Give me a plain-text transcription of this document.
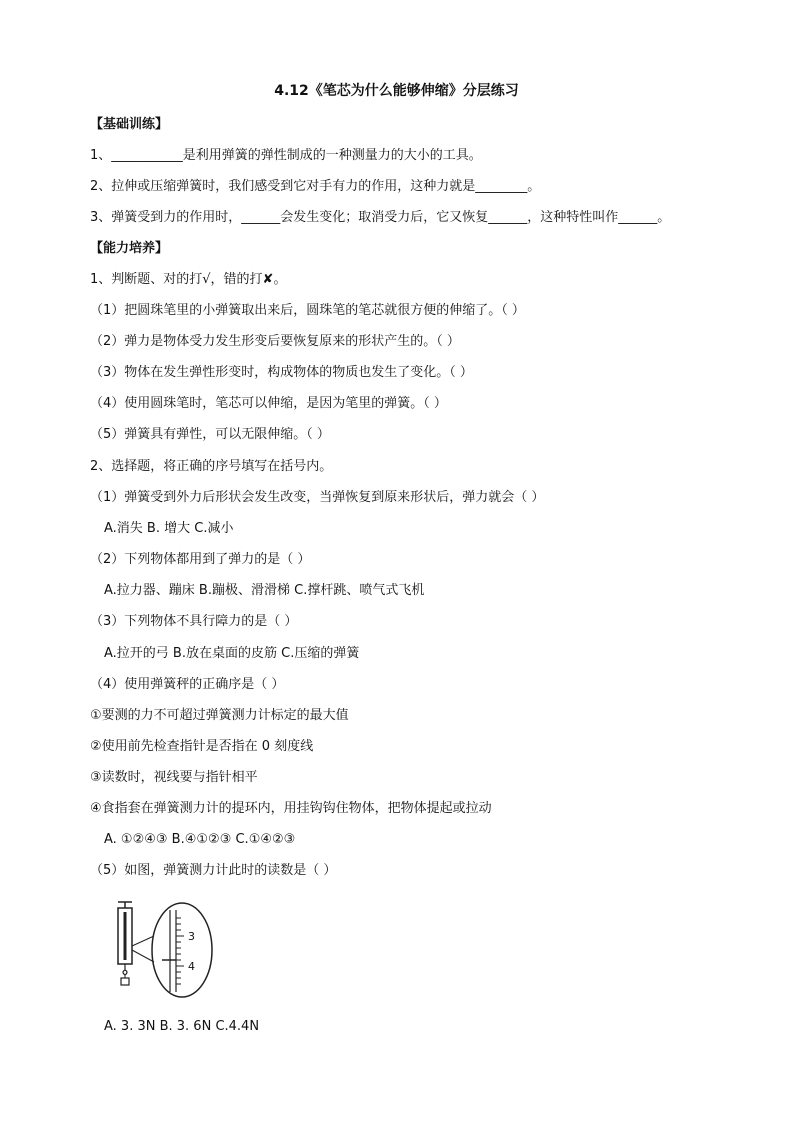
4.12《笔芯为什么能够伸缩》分层练习
【基础训练】
1、___________是利用弹簧的弹性制成的一种测量力的大小的工具。
2、拉伸或压缩弹簧时，我们感受到它对手有力的作用，这种力就是________。
3、弹簧受到力的作用时，______会发生变化；取消受力后，它又恢复______，这种特性叫作______。
【能力培养】
1、判断题、对的打√，错的打✘。
（1）把圆珠笔里的小弹簧取出来后，圆珠笔的笔芯就很方便的伸缩了。（ ）
（2）弹力是物体受力发生形变后要恢复原来的形状产生的。（ ）
（3）物体在发生弹性形变时，构成物体的物质也发生了变化。（ ）
（4）使用圆珠笔时，笔芯可以伸缩，是因为笔里的弹簧。（ ）
（5）弹簧具有弹性，可以无限伸缩。（ ）
2、选择题，将正确的序号填写在括号内。
（1）弹簧受到外力后形状会发生改变，当弹恢复到原来形状后，弹力就会（ ）
A.消失 B. 增大 C.减小
（2）下列物体都用到了弹力的是（ ）
A.拉力器、蹦床 B.蹦极、滑滑梯 C.撑杆跳、喷气式飞机
（3）下列物体不具行障力的是（ ）
A.拉开的弓 B.放在桌面的皮筋 C.压缩的弹簧
（4）使用弹簧秤的正确序是（ ）
①要测的力不可超过弹簧测力计标定的最大值
②使用前先检查指针是否指在 0 刻度线
③读数时，视线要与指针相平
④食指套在弹簧测力计的提环内，用挂钩钩住物体，把物体提起或拉动
A. ①②④③ B.④①②③ C.①④②③
（5）如图，弹簧测力计此时的读数是（ ）
3
4
A. 3. 3N B. 3. 6N C.4.4N
